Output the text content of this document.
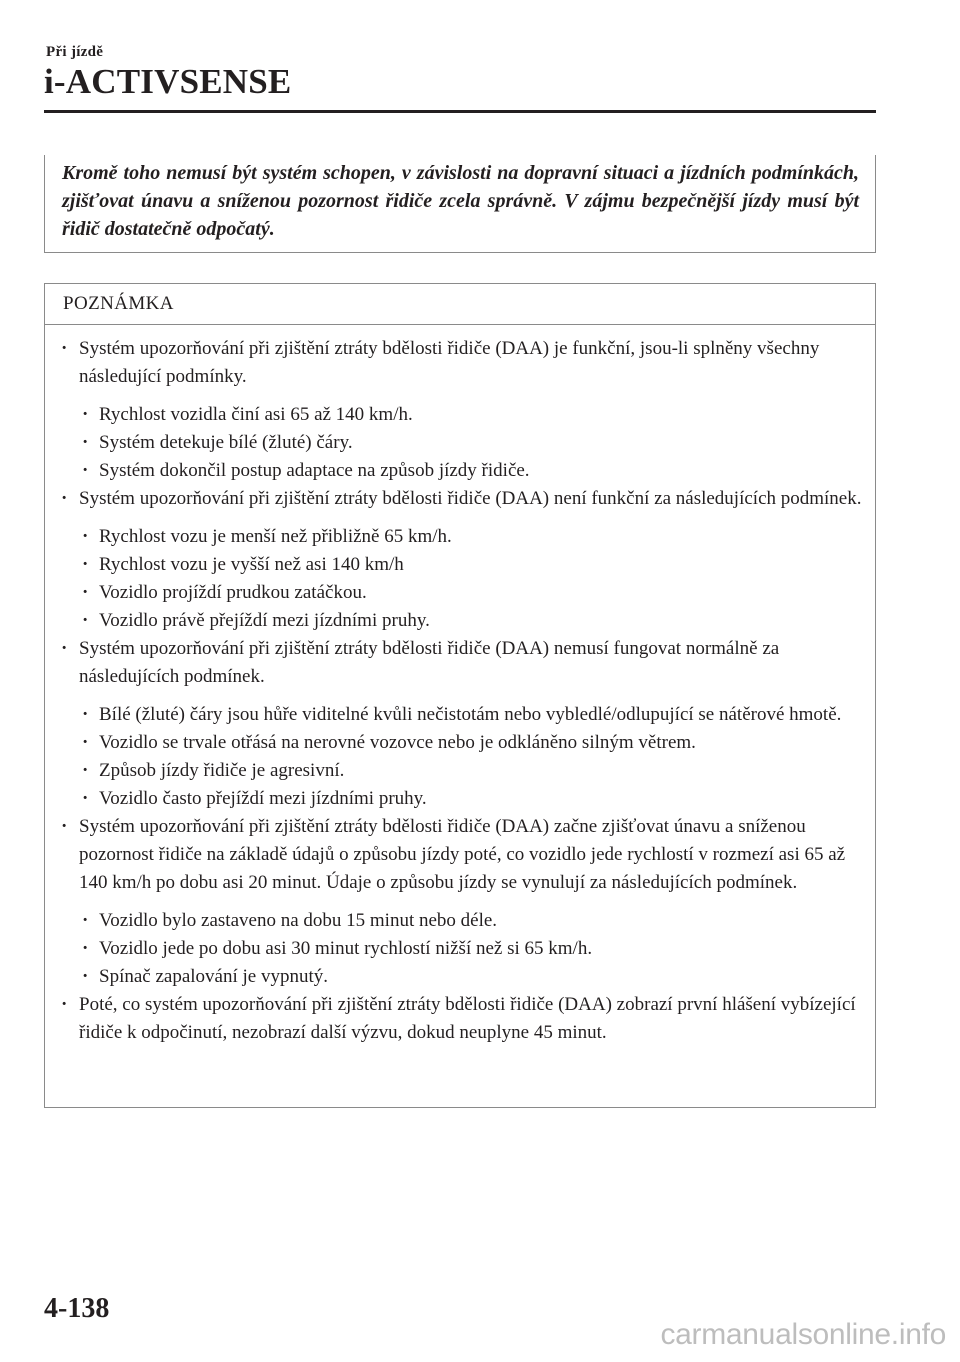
Při jízdě
i-ACTIVSENSE

Kromě toho nemusí být systém schopen, v závislosti na dopravní situaci a jízdních podmínkách, zjišťovat únavu a sníženou pozornost řidiče zcela správně. V zájmu bezpečnější jízdy musí být řidič dostatečně odpočatý.

POZNÁMKA
· Systém upozorňování při zjištění ztráty bdělosti řidiče (DAA) je funkční, jsou-li splněny všechny následující podmínky.
· Rychlost vozidla činí asi 65 až 140 km/h.
· Systém detekuje bílé (žluté) čáry.
· Systém dokončil postup adaptace na způsob jízdy řidiče.
· Systém upozorňování při zjištění ztráty bdělosti řidiče (DAA) není funkční za následujících podmínek.
· Rychlost vozu je menší než přibližně 65 km/h.
· Rychlost vozu je vyšší než asi 140 km/h
· Vozidlo projíždí prudkou zatáčkou.
· Vozidlo právě přejíždí mezi jízdními pruhy.
· Systém upozorňování při zjištění ztráty bdělosti řidiče (DAA) nemusí fungovat normálně za následujících podmínek.
· Bílé (žluté) čáry jsou hůře viditelné kvůli nečistotám nebo vybledlé/odlupující se nátěrové hmotě.
· Vozidlo se trvale otřásá na nerovné vozovce nebo je odkláněno silným větrem.
· Způsob jízdy řidiče je agresivní.
· Vozidlo často přejíždí mezi jízdními pruhy.
· Systém upozorňování při zjištění ztráty bdělosti řidiče (DAA) začne zjišťovat únavu a sníženou pozornost řidiče na základě údajů o způsobu jízdy poté, co vozidlo jede rychlostí v rozmezí asi 65 až 140 km/h po dobu asi 20 minut. Údaje o způsobu jízdy se vynulují za následujících podmínek.
· Vozidlo bylo zastaveno na dobu 15 minut nebo déle.
· Vozidlo jede po dobu asi 30 minut rychlostí nižší než si 65 km/h.
· Spínač zapalování je vypnutý.
· Poté, co systém upozorňování při zjištění ztráty bdělosti řidiče (DAA) zobrazí první hlášení vybízející řidiče k odpočinutí, nezobrazí další výzvu, dokud neuplyne 45 minut.
4-138
carmanualsonline.info
